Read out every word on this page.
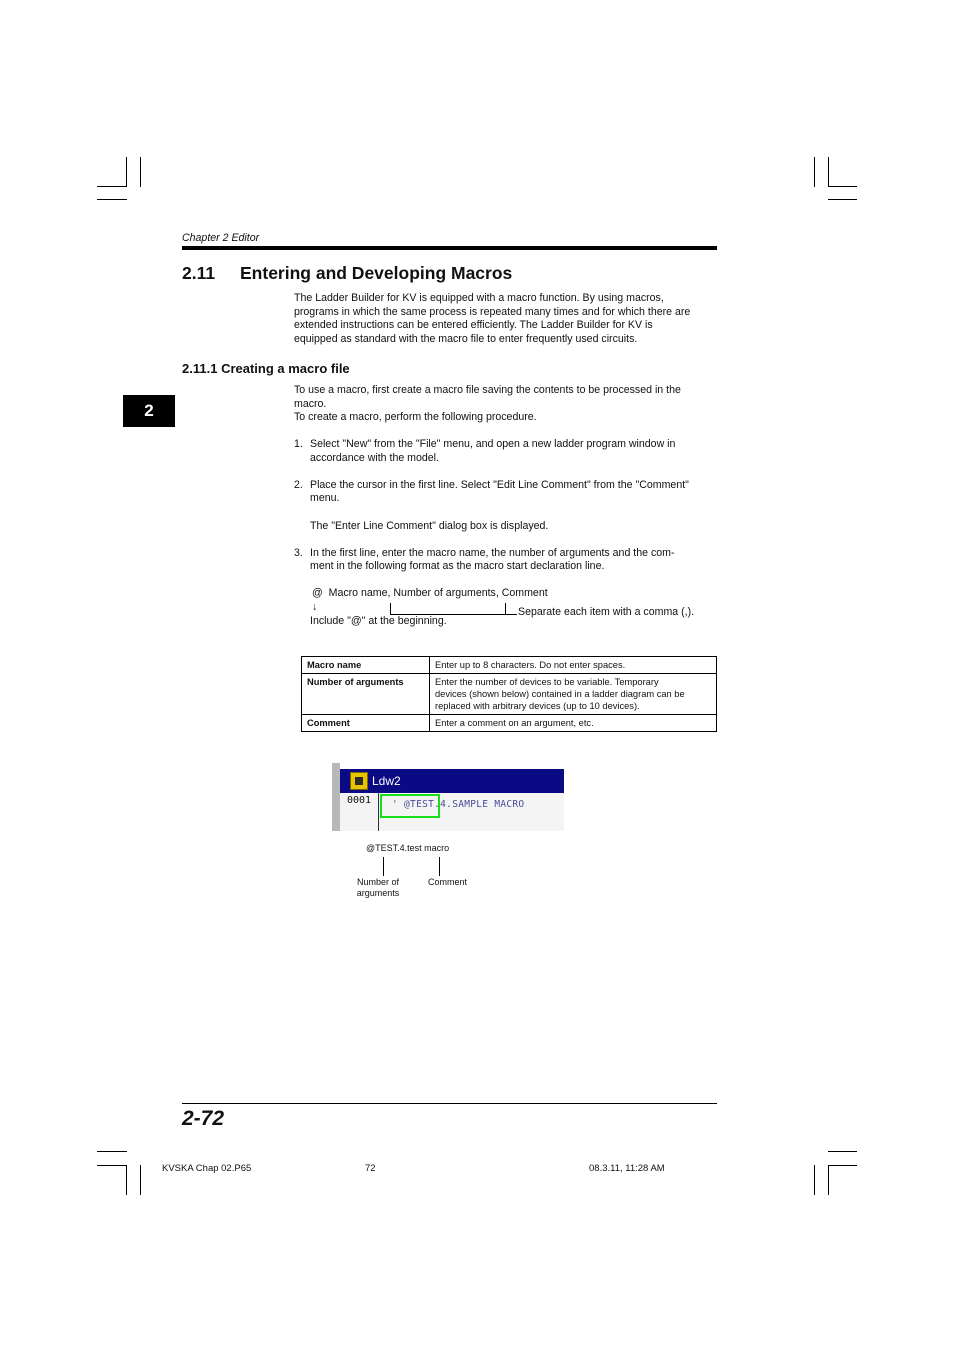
Chapter 2 Editor
2
2.11 Entering and Developing Macros
The Ladder Builder for KV is equipped with a macro function. By using macros,
programs in which the same process is repeated many times and for which there are
extended instructions can be entered efficiently. The Ladder Builder for KV is
equipped as standard with the macro file to enter frequently used circuits.
2.11.1 Creating a macro file
To use a macro, first create a macro file saving the contents to be processed in the
macro.
To create a macro, perform the following procedure.
1. Select "New" from the "File" menu, and open a new ladder program window in
accordance with the model.
2. Place the cursor in the first line. Select "Edit Line Comment" from the "Comment"
menu.
The "Enter Line Comment" dialog box is displayed.
3. In the first line, enter the macro name, the number of arguments and the com-
ment in the following format as the macro start declaration line.
@  Macro name, Number of arguments, Comment
↓	Separate each item with a comma (,).
Include "@" at the beginning.
Macro name	Enter up to 8 characters. Do not enter spaces.
Number of arguments	Enter the number of devices to be variable. Temporary
devices (shown below) contained in a ladder diagram can be
replaced with arbitrary devices (up to 10 devices).

Comment	Enter a comment on an argument, etc.
Ldw2
0001 ' @TEST.4.SAMPLE MACRO
@TEST.4.test macro
Number of
arguments
Comment
2-72
KVSKA Chap 02.P65	72	08.3.11, 11:28 AM
